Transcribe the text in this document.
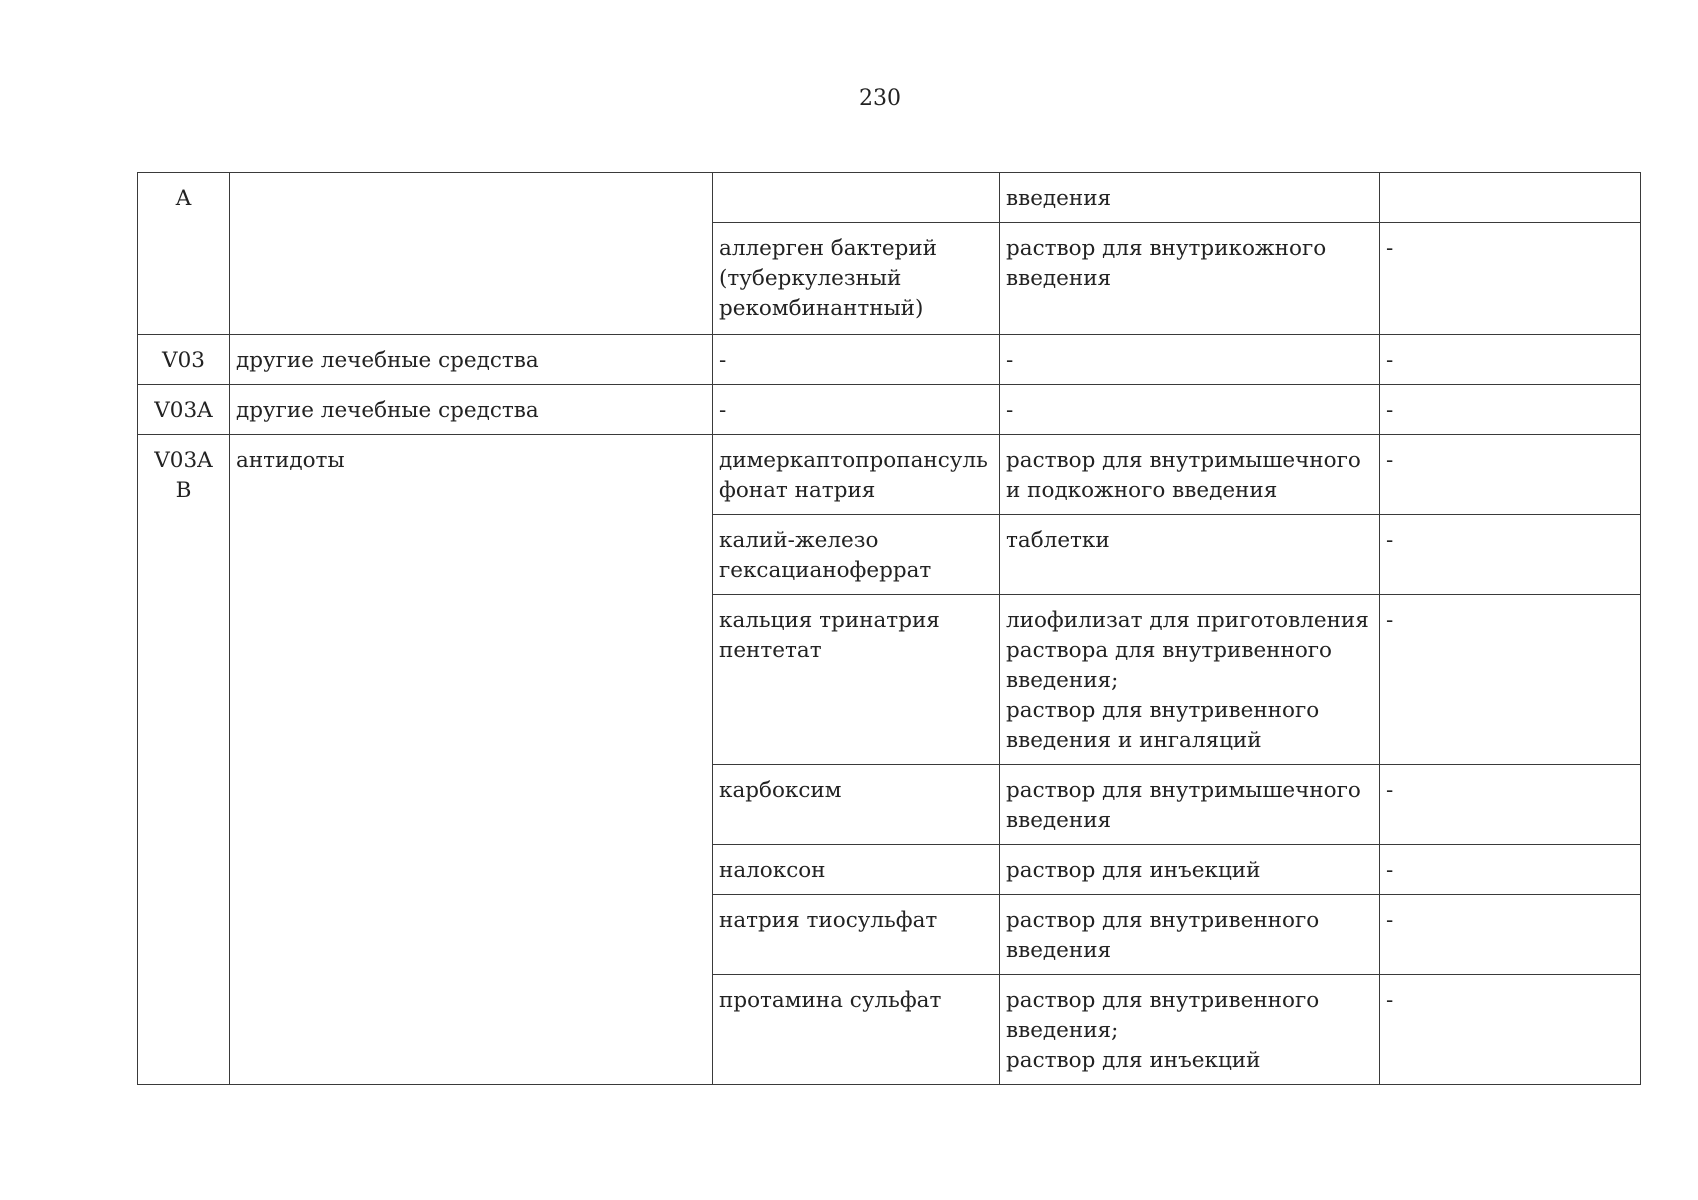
230
A			введения	
		аллерген бактерий
(туберкулезный
рекомбинантный)	раствор для внутрикожного
введения	-
V03	другие лечебные средства	-	-	-
V03A	другие лечебные средства	-	-	-
V03A
B	антидоты	димеркаптопропансуль
фонат натрия	раствор для внутримышечного
и подкожного введения	-
		калий-железо
гексацианоферрат	таблетки	-
		кальция тринатрия
пентетат	лиофилизат для приготовления
раствора для внутривенного
введения;
раствор для внутривенного
введения и ингаляций	-
		карбоксим	раствор для внутримышечного
введения	-
		налоксон	раствор для инъекций	-
		натрия тиосульфат	раствор для внутривенного
введения	-
		протамина сульфат	раствор для внутривенного
введения;
раствор для инъекций	-
